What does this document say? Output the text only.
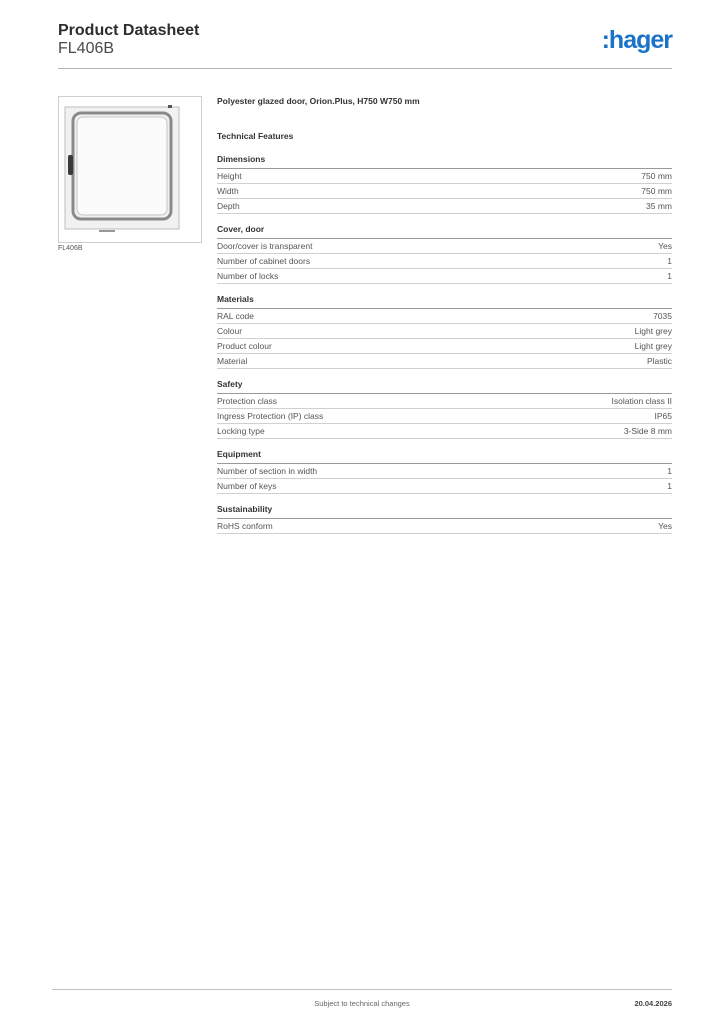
Product Datasheet
FL406B	:hager
FL406B
Polyester glazed door, Orion.Plus, H750 W750 mm
Technical Features
Dimensions
Height	750 mm
Width	750 mm
Depth	35 mm
Cover, door
Door/cover is transparent	Yes
Number of cabinet doors	1
Number of locks	1
Materials
RAL code	7035
Colour	Light grey
Product colour	Light grey
Material	Plastic
Safety
Protection class	Isolation class II
Ingress Protection (IP) class	IP65
Locking type	3-Side 8 mm
Equipment
Number of section in width	1
Number of keys	1
Sustainability
RoHS conform	Yes
Subject to technical changes	20.04.2026
